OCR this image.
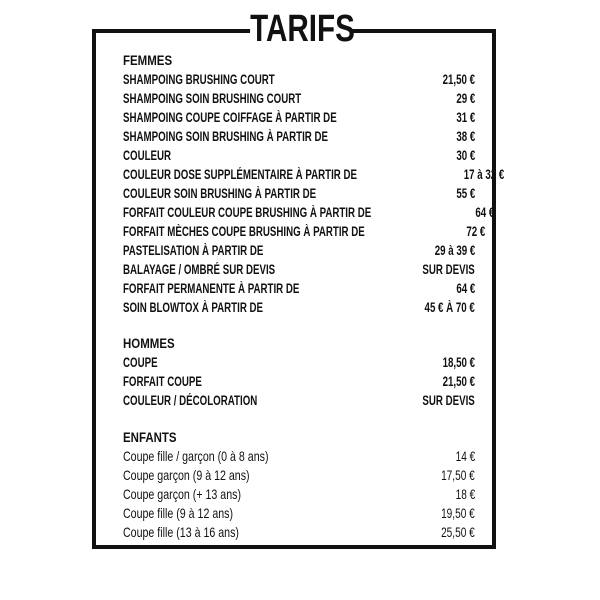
TARIFS
FEMMES
SHAMPOING BRUSHING COURT	21,50 €
SHAMPOING SOIN BRUSHING COURT	29 €
SHAMPOING COUPE COIFFAGE À PARTIR DE	31 €
SHAMPOING SOIN BRUSHING À PARTIR DE	38 €
COULEUR	30 €
COULEUR DOSE SUPPLÉMENTAIRE À PARTIR DE	17 à 32 €
COULEUR SOIN BRUSHING À PARTIR DE	55 €
FORFAIT COULEUR COUPE BRUSHING À PARTIR DE	64 €
FORFAIT MÈCHES COUPE BRUSHING À PARTIR DE	72 €
PASTELISATION À PARTIR DE	29 à 39 €
BALAYAGE / OMBRÉ SUR DEVIS	SUR DEVIS
FORFAIT PERMANENTE À PARTIR DE	64 €
SOIN BLOWTOX À PARTIR DE	45 € À 70 €
HOMMES
COUPE	18,50 €
FORFAIT COUPE	21,50 €
COULEUR / DÉCOLORATION	SUR DEVIS
ENFANTS
Coupe fille / garçon (0 à 8 ans)	14 €
Coupe garçon (9 à 12 ans)	17,50 €
Coupe garçon (+ 13 ans)	18 €
Coupe fille (9 à 12 ans)	19,50 €
Coupe fille (13 à 16 ans)	25,50 €
